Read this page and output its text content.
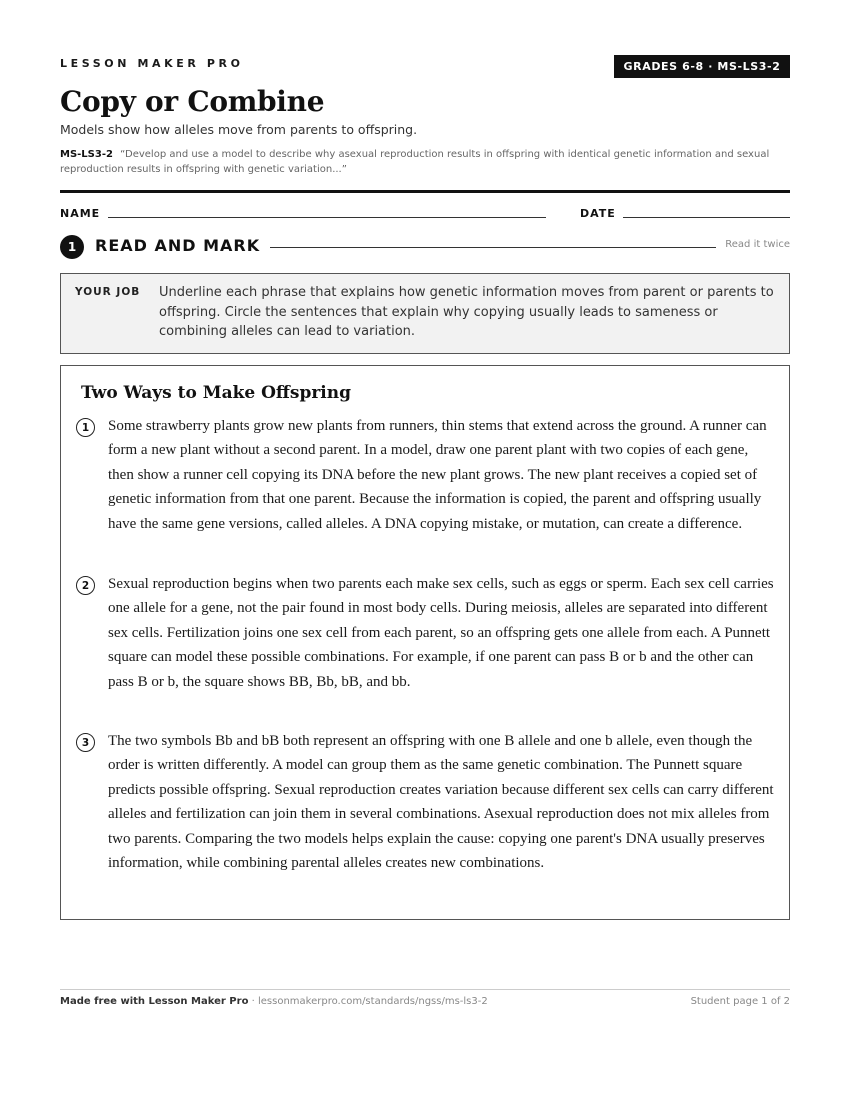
LESSON MAKER PRO	GRADES 6-8 · MS-LS3-2
Copy or Combine
Models show how alleles move from parents to offspring.
MS-LS3-2 “Develop and use a model to describe why asexual reproduction results in offspring with identical genetic information and sexual reproduction results in offspring with genetic variation...”
NAME	DATE
1	READ AND MARK	Read it twice
YOUR JOB Underline each phrase that explains how genetic information moves from parent or parents to offspring. Circle the sentences that explain why copying usually leads to sameness or combining alleles can lead to variation.
Two Ways to Make Offspring
1	Some strawberry plants grow new plants from runners, thin stems that extend across the ground. A runner can form a new plant without a second parent. In a model, draw one parent plant with two copies of each gene, then show a runner cell copying its DNA before the new plant grows. The new plant receives a copied set of genetic information from that one parent. Because the information is copied, the parent and offspring usually have the same gene versions, called alleles. A DNA copying mistake, or mutation, can create a difference.

2	Sexual reproduction begins when two parents each make sex cells, such as eggs or sperm. Each sex cell carries one allele for a gene, not the pair found in most body cells. During meiosis, alleles are separated into different sex cells. Fertilization joins one sex cell from each parent, so an offspring gets one allele from each. A Punnett square can model these possible combinations. For example, if one parent can pass B or b and the other can pass B or b, the square shows BB, Bb, bB, and bb.

3	The two symbols Bb and bB both represent an offspring with one B allele and one b allele, even though the order is written differently. A model can group them as the same genetic combination. The Punnett square predicts possible offspring. Sexual reproduction creates variation because different sex cells can carry different alleles and fertilization can join them in several combinations. Asexual reproduction does not mix alleles from two parents. Comparing the two models helps explain the cause: copying one parent's DNA usually preserves information, while combining parental alleles creates new combinations.

Made free with Lesson Maker Pro · lessonmakerpro.com/standards/ngss/ms-ls3-2	Student page 1 of 2
